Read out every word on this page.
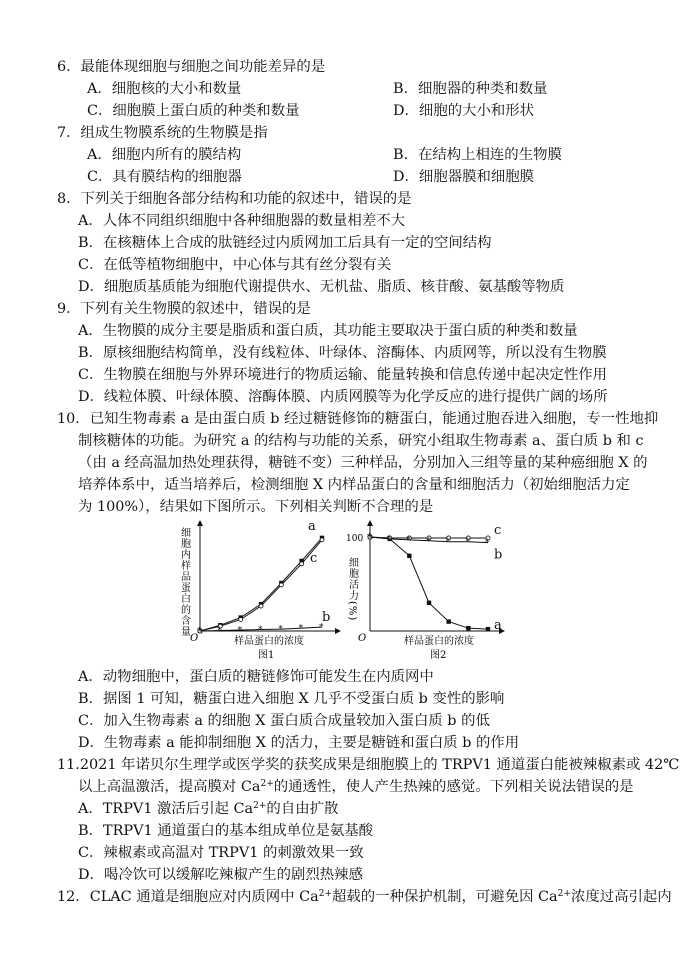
6．最能体现细胞与细胞之间功能差异的是
A．细胞核的大小和数量	B．细胞器的种类和数量
C．细胞膜上蛋白质的种类和数量	D．细胞的大小和形状
7．组成生物膜系统的生物膜是指
A．细胞内所有的膜结构	B．在结构上相连的生物膜
C．具有膜结构的细胞器	D．细胞器膜和细胞膜
8．下列关于细胞各部分结构和功能的叙述中，错误的是
A．人体不同组织细胞中各种细胞器的数量相差不大
B．在核糖体上合成的肽链经过内质网加工后具有一定的空间结构
C．在低等植物细胞中，中心体与其有丝分裂有关
D．细胞质基质能为细胞代谢提供水、无机盐、脂质、核苷酸、氨基酸等物质
9．下列有关生物膜的叙述中，错误的是
A．生物膜的成分主要是脂质和蛋白质，其功能主要取决于蛋白质的种类和数量
B．原核细胞结构简单，没有线粒体、叶绿体、溶酶体、内质网等，所以没有生物膜
C．生物膜在细胞与外界环境进行的物质运输、能量转换和信息传递中起决定性作用
D．线粒体膜、叶绿体膜、溶酶体膜、内质网膜等为化学反应的进行提供广阔的场所
10．已知生物毒素 a 是由蛋白质 b 经过糖链修饰的糖蛋白，能通过胞吞进入细胞，专一性地抑
制核糖体的功能。为研究 a 的结构与功能的关系，研究小组取生物毒素 a、蛋白质 b 和 c
（由 a 经高温加热处理获得，糖链不变）三种样品，分别加入三组等量的某种癌细胞 X 的
培养体系中，适当培养后，检测细胞 X 内样品蛋白的含量和细胞活力（初始细胞活力定
为 100%），结果如下图所示。下列相关判断不合理的是
细胞内样品蛋白的含量
O	样品蛋白的浓度
图1
a
c
* * * * * * *
b
100
细胞活力(%)
O	样品蛋白的浓度
图2
a
c
* * * * * * *
b
A．动物细胞中，蛋白质的糖链修饰可能发生在内质网中
B．据图 1 可知，糖蛋白进入细胞 X 几乎不受蛋白质 b 变性的影响
C．加入生物毒素 a 的细胞 X 蛋白质合成量较加入蛋白质 b 的低
D．生物毒素 a 能抑制细胞 X 的活力，主要是糖链和蛋白质 b 的作用
11.2021 年诺贝尔生理学或医学奖的获奖成果是细胞膜上的 TRPV1 通道蛋白能被辣椒素或 42℃
以上高温激活，提高膜对 $Ca^{2+}$的通透性，使人产生热辣的感觉。下列相关说法错误的是
A．TRPV1 激活后引起 $Ca^{2+}$的自由扩散
B．TRPV1 通道蛋白的基本组成单位是氨基酸
C．辣椒素或高温对 TRPV1 的刺激效果一致
D．喝冷饮可以缓解吃辣椒产生的剧烈热辣感
12．CLAC 通道是细胞应对内质网中 $Ca^{2+}$超载的一种保护机制，可避免因 $Ca^{2+}$浓度过高引起内
